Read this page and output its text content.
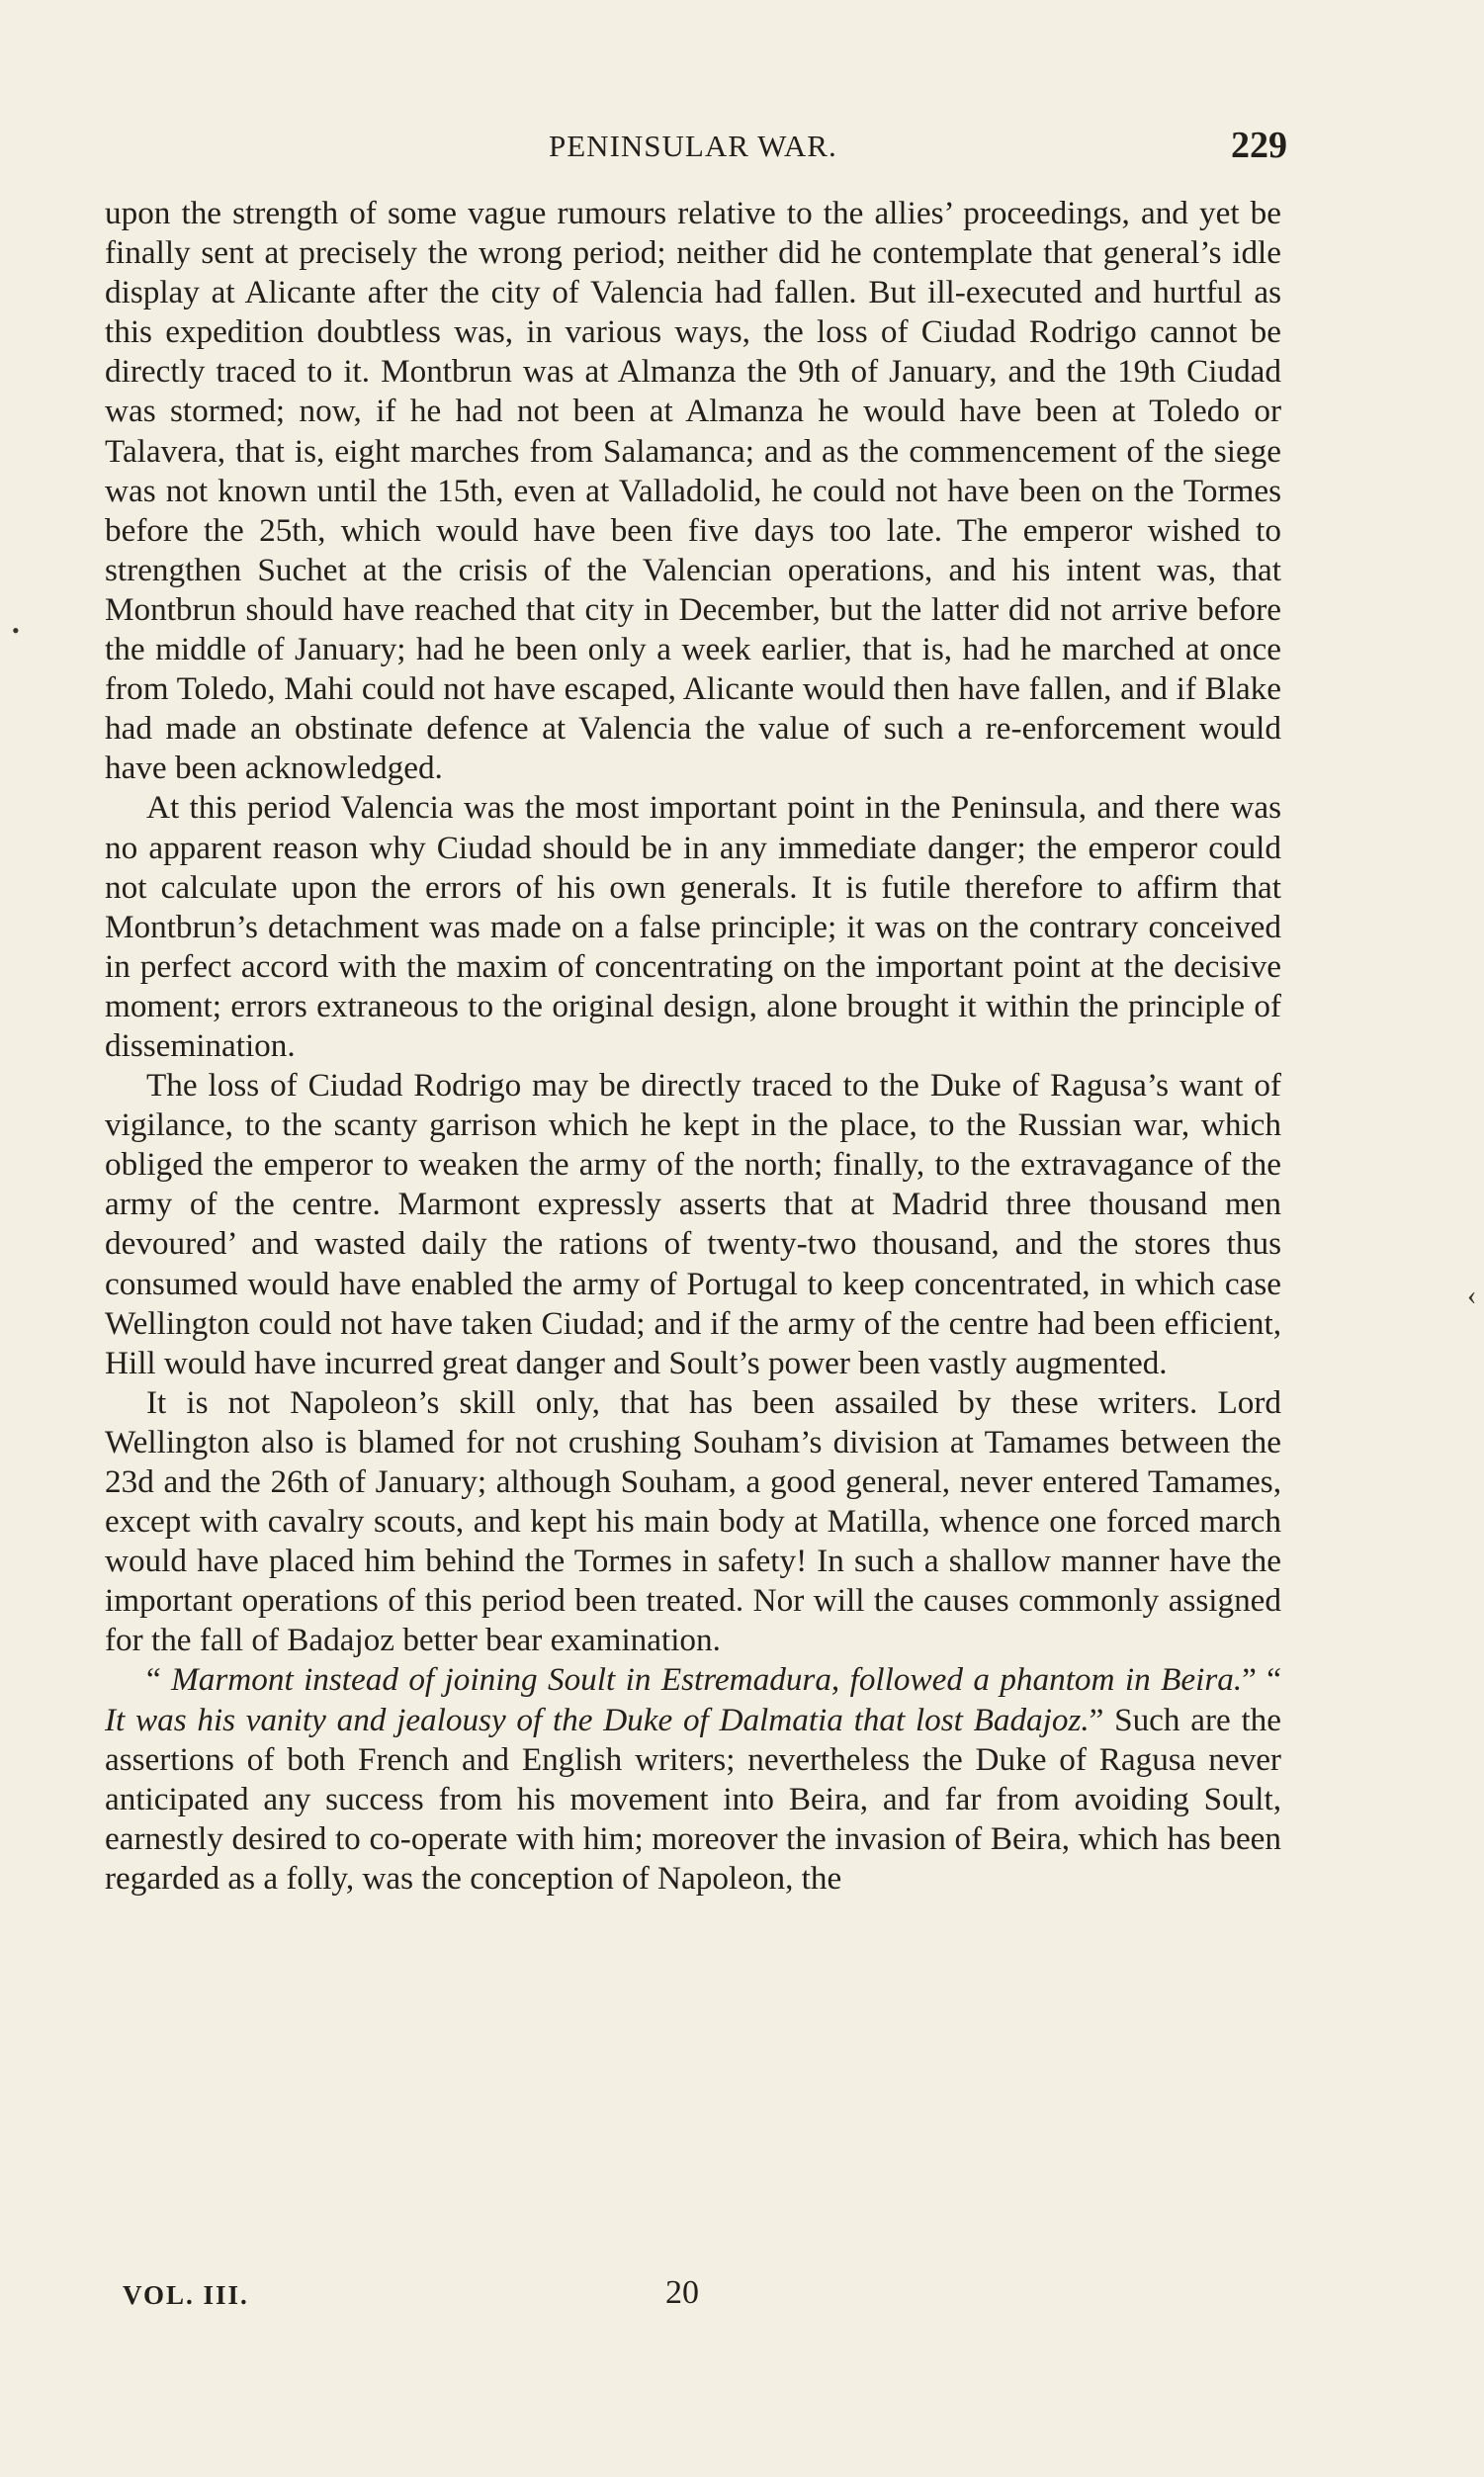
PENINSULAR WAR.	229
•
‹

upon the strength of some vague rumours relative to the allies’ proceedings, and yet be finally sent at precisely the wrong period; neither did he contemplate that general’s idle display at Alicante after the city of Valencia had fallen. But ill-executed and hurtful as this expedition doubtless was, in various ways, the loss of Ciudad Rodrigo cannot be directly traced to it. Montbrun was at Almanza the 9th of January, and the 19th Ciudad was stormed; now, if he had not been at Almanza he would have been at Toledo or Talavera, that is, eight marches from Salamanca; and as the commencement of the siege was not known until the 15th, even at Valladolid, he could not have been on the Tormes before the 25th, which would have been five days too late. The emperor wished to strengthen Suchet at the crisis of the Valencian operations, and his intent was, that Montbrun should have reached that city in December, but the latter did not arrive before the middle of January; had he been only a week earlier, that is, had he marched at once from Toledo, Mahi could not have escaped, Alicante would then have fallen, and if Blake had made an obstinate defence at Valencia the value of such a re-enforcement would have been acknowledged.

At this period Valencia was the most important point in the Peninsula, and there was no apparent reason why Ciudad should be in any immediate danger; the emperor could not calculate upon the errors of his own generals. It is futile therefore to affirm that Montbrun’s detachment was made on a false principle; it was on the contrary conceived in perfect accord with the maxim of concentrating on the important point at the decisive moment; errors extraneous to the original design, alone brought it within the principle of dissemination.

The loss of Ciudad Rodrigo may be directly traced to the Duke of Ragusa’s want of vigilance, to the scanty garrison which he kept in the place, to the Russian war, which obliged the emperor to weaken the army of the north; finally, to the extravagance of the army of the centre. Marmont expressly asserts that at Madrid three thousand men devoured’ and wasted daily the rations of twenty-two thousand, and the stores thus consumed would have enabled the army of Portugal to keep concentrated, in which case Wellington could not have taken Ciudad; and if the army of the centre had been efficient, Hill would have incurred great danger and Soult’s power been vastly augmented.

It is not Napoleon’s skill only, that has been assailed by these writers. Lord Wellington also is blamed for not crushing Souham’s division at Tamames between the 23d and the 26th of January; although Souham, a good general, never entered Tamames, except with cavalry scouts, and kept his main body at Matilla, whence one forced march would have placed him behind the Tormes in safety! In such a shallow manner have the important operations of this period been treated. Nor will the causes commonly assigned for the fall of Badajoz better bear examination.

“ Marmont instead of joining Soult in Estremadura, followed a phantom in Beira.” “ It was his vanity and jealousy of the Duke of Dalmatia that lost Badajoz.” Such are the assertions of both French and English writers; nevertheless the Duke of Ragusa never anticipated any success from his movement into Beira, and far from avoiding Soult, earnestly desired to co-operate with him; moreover the invasion of Beira, which has been regarded as a folly, was the conception of Napoleon, the

VOL. III.	20
